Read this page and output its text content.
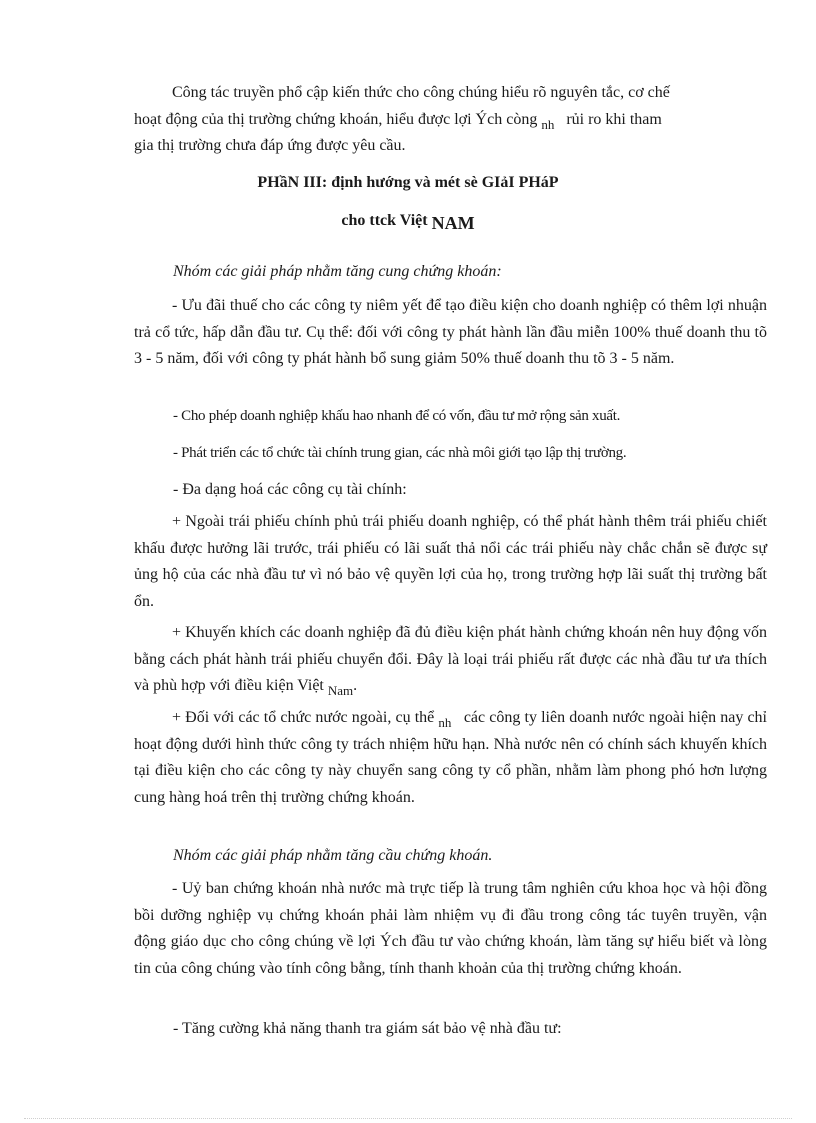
Công tác truyền phổ cập kiến thức cho công chúng hiểu rõ nguyên tắc, cơ chế
hoạt động của thị trường chứng khoán, hiểu được lợi Ých còng $_{nh}$ rủi ro khi tham
gia thị trường chưa đáp ứng được yêu cầu.

PHầN III: định hướng và mét sè GIảI PHáP

cho ttck Việt NAM

Nhóm các giải pháp nhằm tăng cung chứng khoán:

- Ưu đãi thuế cho các công ty niêm yết để tạo điều kiện cho doanh nghiệp có thêm lợi nhuận trả cổ tức, hấp dẫn đầu tư. Cụ thể: đối với công ty phát hành lần đầu miễn 100% thuế doanh thu tõ 3 - 5 năm, đối với công ty phát hành bổ sung giảm 50% thuế doanh thu tõ 3 - 5 năm.

- Cho phép doanh nghiệp khấu hao nhanh để có vốn, đầu tư mở rộng sản xuất.

- Phát triển các tổ chức tài chính trung gian, các nhà môi giới tạo lập thị trường.

- Đa dạng hoá các công cụ tài chính:

+ Ngoài trái phiếu chính phủ trái phiếu doanh nghiệp, có thể phát hành thêm trái phiếu chiết khấu được hưởng lãi trước, trái phiếu có lãi suất thả nổi các trái phiếu này chắc chắn sẽ được sự ủng hộ của các nhà đầu tư vì nó bảo vệ quyền lợi của họ, trong trường hợp lãi suất thị trường bất ổn.

+ Khuyến khích các doanh nghiệp đã đủ điều kiện phát hành chứng khoán nên huy động vốn bằng cách phát hành trái phiếu chuyển đổi. Đây là loại trái phiếu rất được các nhà đầu tư ưa thích và phù hợp với điều kiện Việt $_{Nam}$.

+ Đối với các tổ chức nước ngoài, cụ thể $_{nh}$ các công ty liên doanh nước ngoài hiện nay chỉ hoạt động dưới hình thức công ty trách nhiệm hữu hạn. Nhà nước nên có chính sách khuyến khích tại điều kiện cho các công ty này chuyển sang công ty cổ phần, nhằm làm phong phó hơn lượng cung hàng hoá trên thị trường chứng khoán.

Nhóm các giải pháp nhằm tăng cầu chứng khoán.

- Uỷ ban chứng khoán nhà nước mà trực tiếp là trung tâm nghiên cứu khoa học và hội đồng bồi dưỡng nghiệp vụ chứng khoán phải làm nhiệm vụ đi đầu trong công tác tuyên truyền, vận động giáo dục cho công chúng về lợi Ých đầu tư vào chứng khoán, làm tăng sự hiểu biết và lòng tin của công chúng vào tính công bằng, tính thanh khoản của thị trường chứng khoán.

- Tăng cường khả năng thanh tra giám sát bảo vệ nhà đầu tư:
